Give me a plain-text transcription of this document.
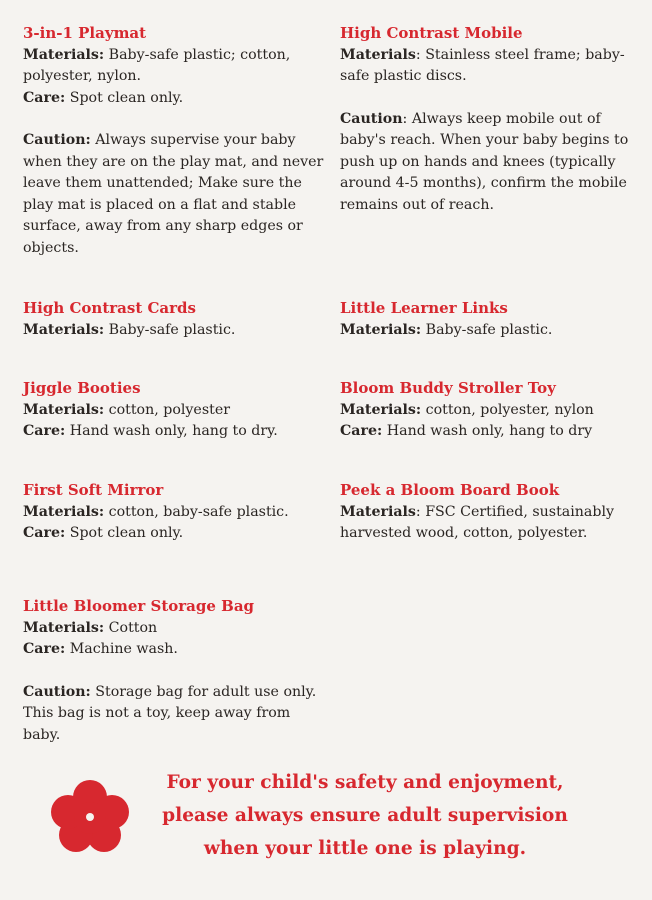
3-in-1 Playmat
Materials: Baby-safe plastic; cotton, polyester, nylon.
Care: Spot clean only.
Caution: Always supervise your baby when they are on the play mat, and never leave them unattended; Make sure the play mat is placed on a flat and stable surface, away from any sharp edges or objects.
High Contrast Mobile
Materials: Stainless steel frame; baby-safe plastic discs.
Caution: Always keep mobile out of baby's reach. When your baby begins to push up on hands and knees (typically around 4-5 months), confirm the mobile remains out of reach.
High Contrast Cards
Materials: Baby-safe plastic.
Little Learner Links
Materials: Baby-safe plastic.
Jiggle Booties
Materials: cotton, polyester
Care: Hand wash only, hang to dry.
Bloom Buddy Stroller Toy
Materials: cotton, polyester, nylon
Care: Hand wash only, hang to dry
First Soft Mirror
Materials: cotton, baby-safe plastic.
Care: Spot clean only.
Peek a Bloom Board Book
Materials: FSC Certified, sustainably harvested wood, cotton, polyester.
Little Bloomer Storage Bag
Materials: Cotton
Care: Machine wash.
Caution: Storage bag for adult use only. This bag is not a toy, keep away from baby.
For your child's safety and enjoyment,
please always ensure adult supervision
when your little one is playing.
